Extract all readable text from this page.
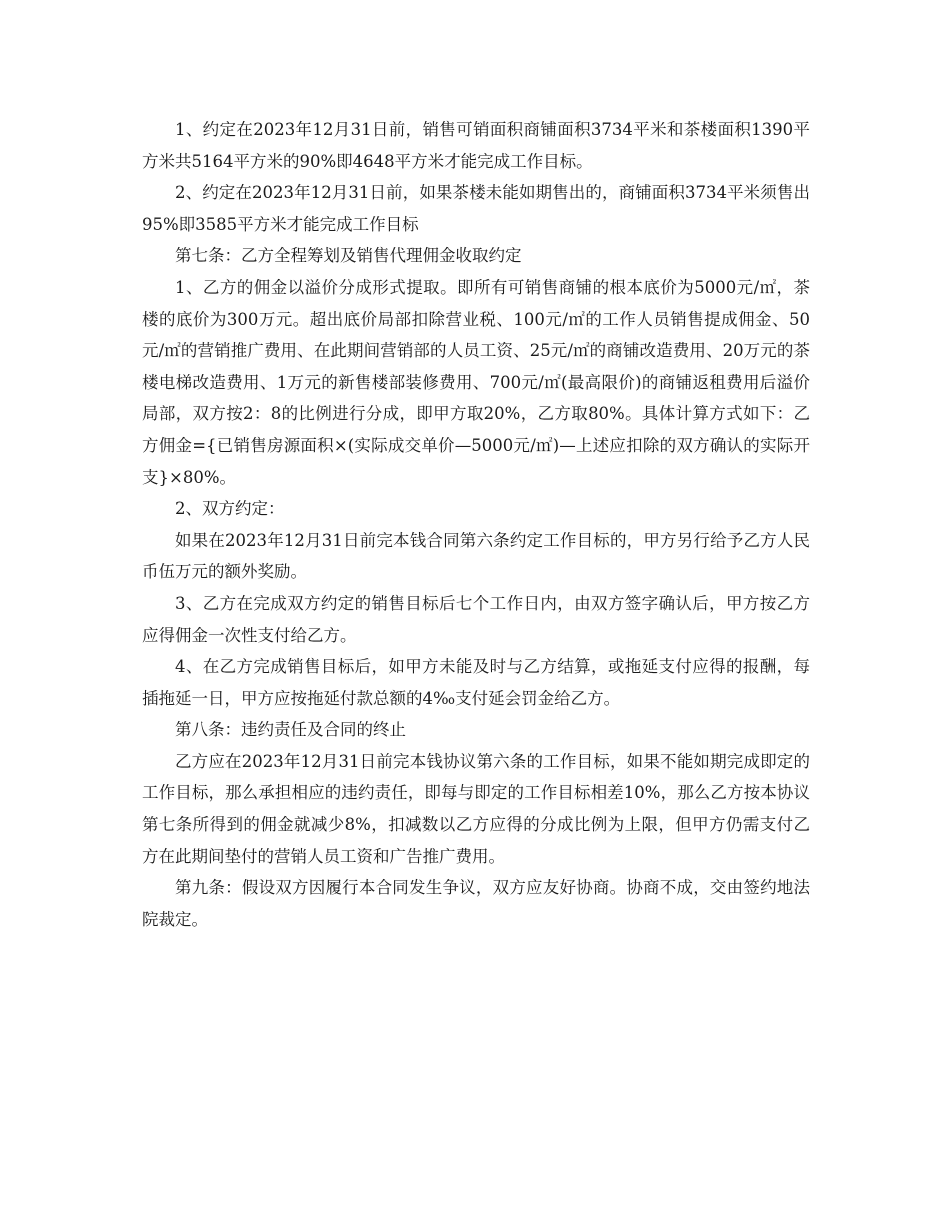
1、约定在2023年12月31日前，销售可销面积商铺面积3734平米和茶楼面积1390平方米共5164平方米的90%即4648平方米才能完成工作目标。

2、约定在2023年12月31日前，如果茶楼未能如期售出的，商铺面积3734平米须售出95%即3585平方米才能完成工作目标

第七条：乙方全程筹划及销售代理佣金收取约定

1、乙方的佣金以溢价分成形式提取。即所有可销售商铺的根本底价为5000元/㎡，茶楼的底价为300万元。超出底价局部扣除营业税、100元/㎡的工作人员销售提成佣金、50元/㎡的营销推广费用、在此期间营销部的人员工资、25元/㎡的商铺改造费用、20万元的茶楼电梯改造费用、1万元的新售楼部装修费用、700元/㎡(最高限价)的商铺返租费用后溢价局部，双方按2：8的比例进行分成，即甲方取20%，乙方取80%。具体计算方式如下：乙方佣金={已销售房源面积×(实际成交单价—5000元/㎡)—上述应扣除的双方确认的实际开支}×80%。

2、双方约定：

如果在2023年12月31日前完本钱合同第六条约定工作目标的，甲方另行给予乙方人民币伍万元的额外奖励。

3、乙方在完成双方约定的销售目标后七个工作日内，由双方签字确认后，甲方按乙方应得佣金一次性支付给乙方。

4、在乙方完成销售目标后，如甲方未能及时与乙方结算，或拖延支付应得的报酬，每插拖延一日，甲方应按拖延付款总额的4‰支付延会罚金给乙方。

第八条：违约责任及合同的终止

乙方应在2023年12月31日前完本钱协议第六条的工作目标，如果不能如期完成即定的工作目标，那么承担相应的违约责任，即每与即定的工作目标相差10%，那么乙方按本协议第七条所得到的佣金就减少8%，扣减数以乙方应得的分成比例为上限，但甲方仍需支付乙方在此期间垫付的营销人员工资和广告推广费用。

第九条：假设双方因履行本合同发生争议，双方应友好协商。协商不成，交由签约地法院裁定。
